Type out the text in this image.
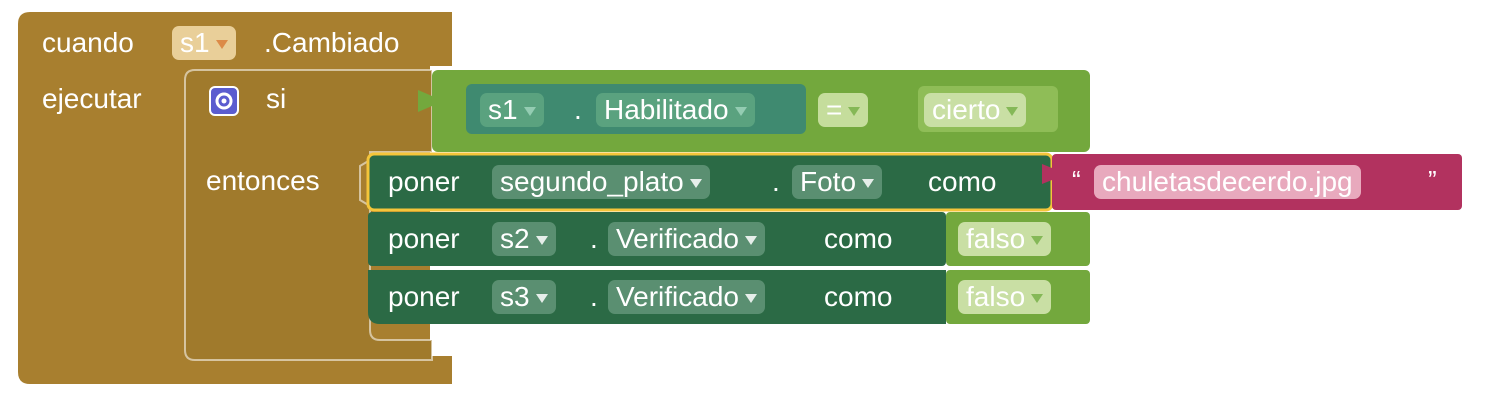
cuando s1	.Cambiado
ejecutar	si
entonces
s1	. Habilitado	=	cierto
poner segundo_plato	. Foto	como	“ chuletasdecerdo.jpg	”
poner s2	. Verificado	como	falso
poner s3	. Verificado	como	falso
